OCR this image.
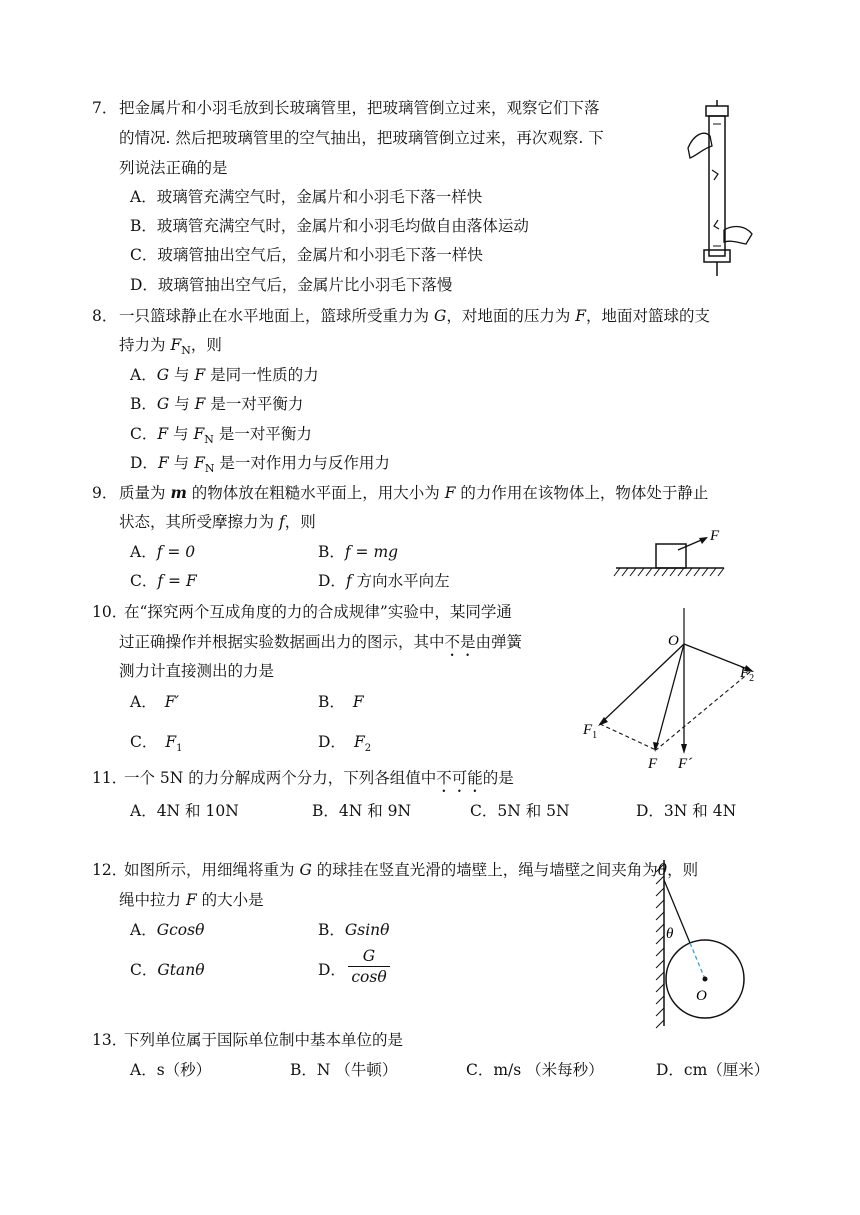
7． 把金属片和小羽毛放到长玻璃管里，把玻璃管倒立过来，观察它们下落
的情况. 然后把玻璃管里的空气抽出，把玻璃管倒立过来，再次观察. 下
列说法正确的是
A．玻璃管充满空气时，金属片和小羽毛下落一样快
B．玻璃管充满空气时，金属片和小羽毛均做自由落体运动
C．玻璃管抽出空气后，金属片和小羽毛下落一样快
D．玻璃管抽出空气后，金属片比小羽毛下落慢
8． 一只篮球静止在水平地面上，篮球所受重力为 G，对地面的压力为 F，地面对篮球的支
持力为 $F_N$，则
A．G 与 F 是同一性质的力
B．G 与 F 是一对平衡力
C．F 与 $F_N$ 是一对平衡力
D．F 与 $F_N$ 是一对作用力与反作用力
9． 质量为 m 的物体放在粗糙水平面上，用大小为 F 的力作用在该物体上，物体处于静止
状态，其所受摩擦力为 f，则
A．f = 0	B．f = mg
C．f = F	D．f 方向水平向左
F
10．
在“探究两个互成角度的力的合成规律”实验中，某同学通
过正确操作并根据实验数据画出力的图示，其中不是由弹簧
测力计直接测出的力是
A． F′	B． F
C． $F_1$	D． $F_2$
O
$F_1$
$F_2$
F F´
11．
一个 5N 的力分解成两个分力，下列各组值中不可能的是
A．4N 和 10N	B．4N 和 9N	C．5N 和 5N	D．3N 和 4N
12．
如图所示，用细绳将重为 G 的球挂在竖直光滑的墙壁上，绳与墙壁之间夹角为θ，则
绳中拉力 F 的大小是
A．Gcosθ	B．Gsinθ
C．Gtanθ	D． $\frac{G}{\cos\theta}$
θ
O
13．
下列单位属于国际单位制中基本单位的是
A．s（秒）	B．N （牛顿）	C．m/s （米每秒）	D．cm（厘米）
